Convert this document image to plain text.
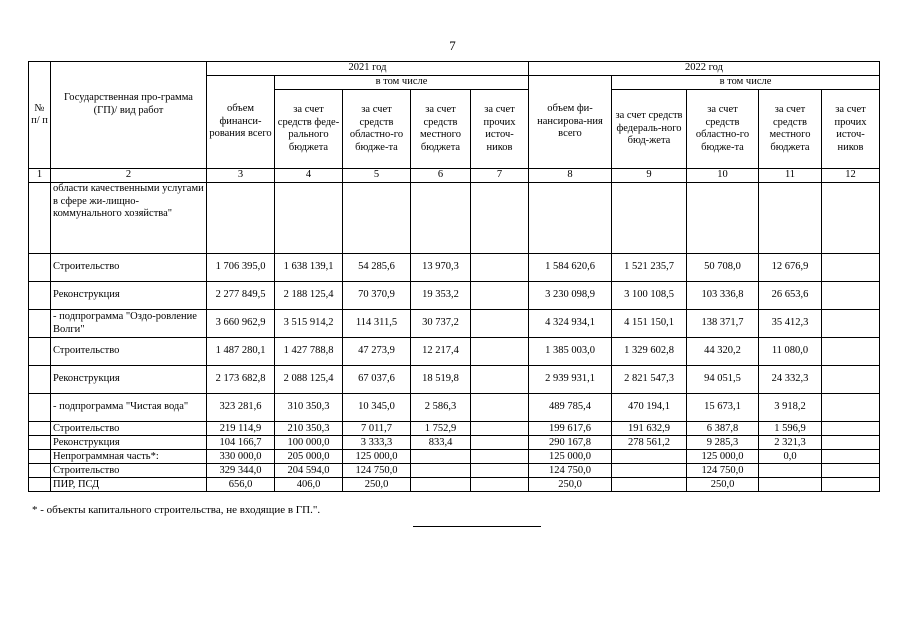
7
№ п/ п	Государственная про-грамма (ГП)/ вид работ	2021 год					2022 год				
		объем финанси-рования всего	в том числе				объем фи-нансирова-ния всего	в том числе			
			за счет средств феде-рального бюджета	за счет средств областно-го бюдже-та	за счет средств местного бюджета	за счет прочих источ-ников		за счет средств федераль-ного бюд-жета	за счет средств областно-го бюдже-та	за счет средств местного бюджета	за счет прочих источ-ников
1	2	3	4	5	6	7	8	9	10	11	12
	области качественными услугами в сфере жи-лищно-коммунального хозяйства"										
	Строительство	1 706 395,0	1 638 139,1	54 285,6	13 970,3		1 584 620,6	1 521 235,7	50 708,0	12 676,9	
	Реконструкция	2 277 849,5	2 188 125,4	70 370,9	19 353,2		3 230 098,9	3 100 108,5	103 336,8	26 653,6	
	- подпрограмма "Оздо-ровление Волги"	3 660 962,9	3 515 914,2	114 311,5	30 737,2		4 324 934,1	4 151 150,1	138 371,7	35 412,3	
	Строительство	1 487 280,1	1 427 788,8	47 273,9	12 217,4		1 385 003,0	1 329 602,8	44 320,2	11 080,0	
	Реконструкция	2 173 682,8	2 088 125,4	67 037,6	18 519,8		2 939 931,1	2 821 547,3	94 051,5	24 332,3	
	- подпрограмма "Чистая вода"	323 281,6	310 350,3	10 345,0	2 586,3		489 785,4	470 194,1	15 673,1	3 918,2	
	Строительство	219 114,9	210 350,3	7 011,7	1 752,9		199 617,6	191 632,9	6 387,8	1 596,9	
	Реконструкция	104 166,7	100 000,0	3 333,3	833,4		290 167,8	278 561,2	9 285,3	2 321,3	
	Непрограммная часть*:	330 000,0	205 000,0	125 000,0			125 000,0		125 000,0	0,0	
	Строительство	329 344,0	204 594,0	124 750,0			124 750,0		124 750,0		
	ПИР, ПСД	656,0	406,0	250,0			250,0		250,0		
* - объекты капитального строительства, не входящие в ГП.".
